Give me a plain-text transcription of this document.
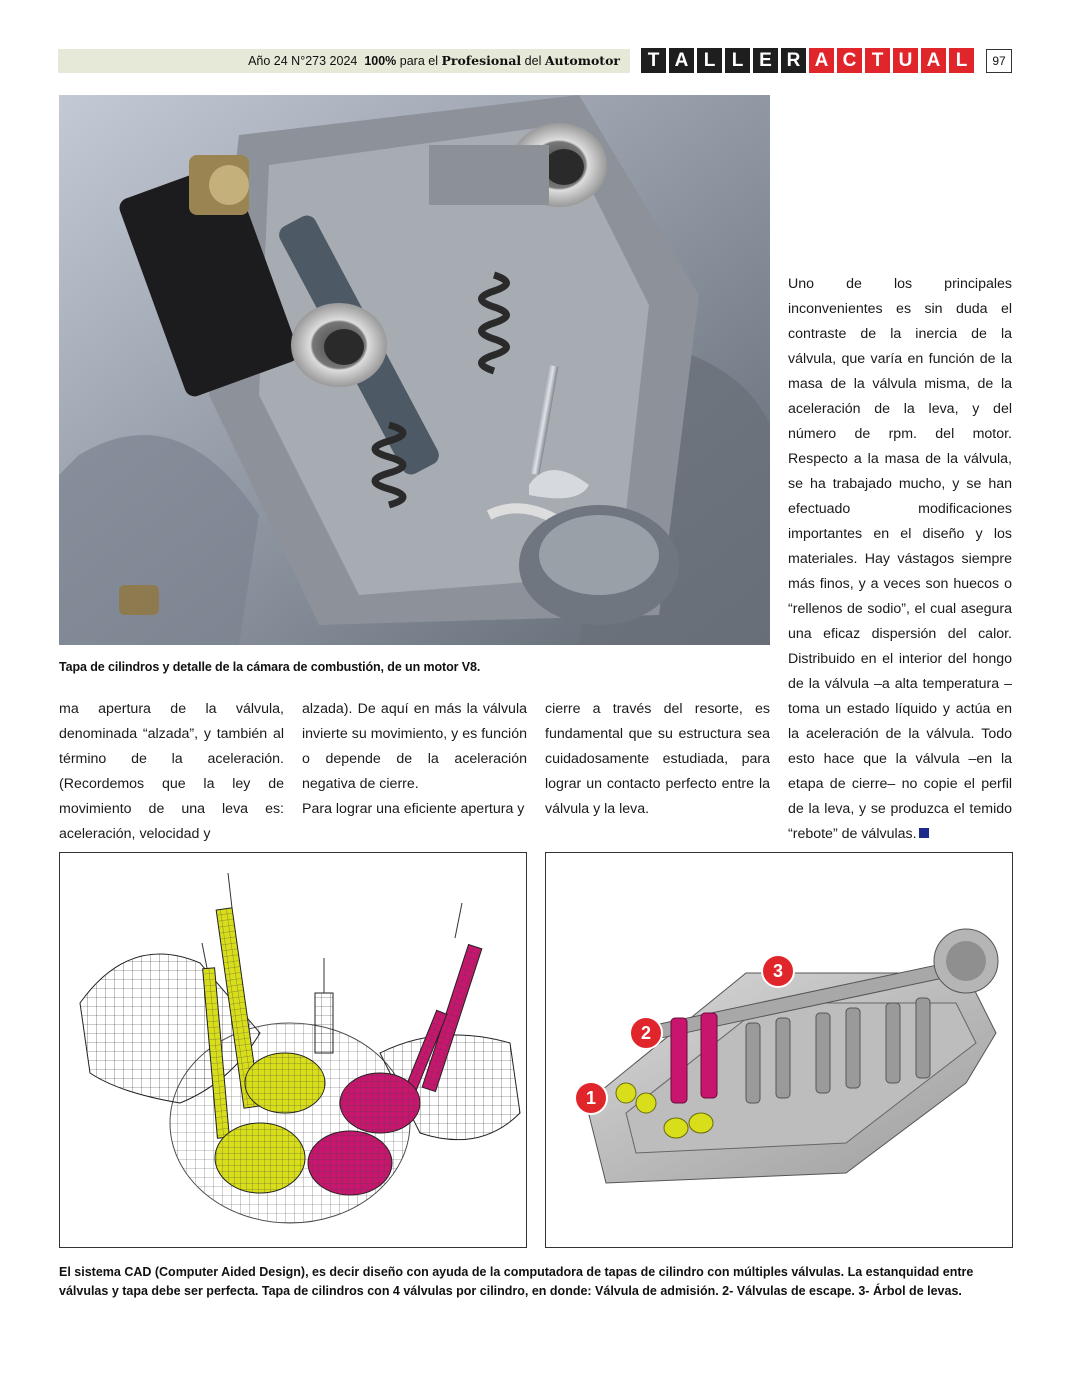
Año 24 N°273 2024 100% para el Profesional del Automotor	T A L L E R A C T U A L	97
Tapa de cilindros y detalle de la cámara de combustión, de un motor V8.
ma apertura de la válvula, denominada “alzada”, y también al término de la aceleración. (Recordemos que la ley de movimiento de una leva es: aceleración, velocidad y
alzada). De aquí en más la válvula invierte su movimiento, y es función o depende de la aceleración negativa de cierre.
Para lograr una eficiente apertura y
cierre a través del resorte, es fundamental que su estructura sea cuidadosamente estudiada, para lograr un contacto perfecto entre la válvula y la leva.
Uno de los principales inconvenientes es sin duda el contraste de la inercia de la válvula, que varía en función de la masa de la válvula misma, de la aceleración de la leva, y del número de rpm. del motor. Respecto a la masa de la válvula, se ha trabajado mucho, y se han efectuado modificaciones importantes en el diseño y los materiales. Hay vástagos siempre más finos, y a veces son huecos o “rellenos de sodio”, el cual asegura una eficaz dispersión del calor. Distribuido en el interior del hongo de la válvula –a alta temperatura – toma un estado líquido y actúa en la aceleración de la válvula. Todo esto hace que la válvula –en la etapa de cierre– no copie el perfil de la leva, y se produzca el temido “rebote” de válvulas.
1
2
3
El sistema CAD (Computer Aided Design), es decir diseño con ayuda de la computadora de tapas de cilindro con múltiples válvulas. La estanquidad entre válvulas y tapa debe ser perfecta. Tapa de cilindros con 4 válvulas por cilindro, en donde: Válvula de admisión. 2- Válvulas de escape. 3- Árbol de levas.
